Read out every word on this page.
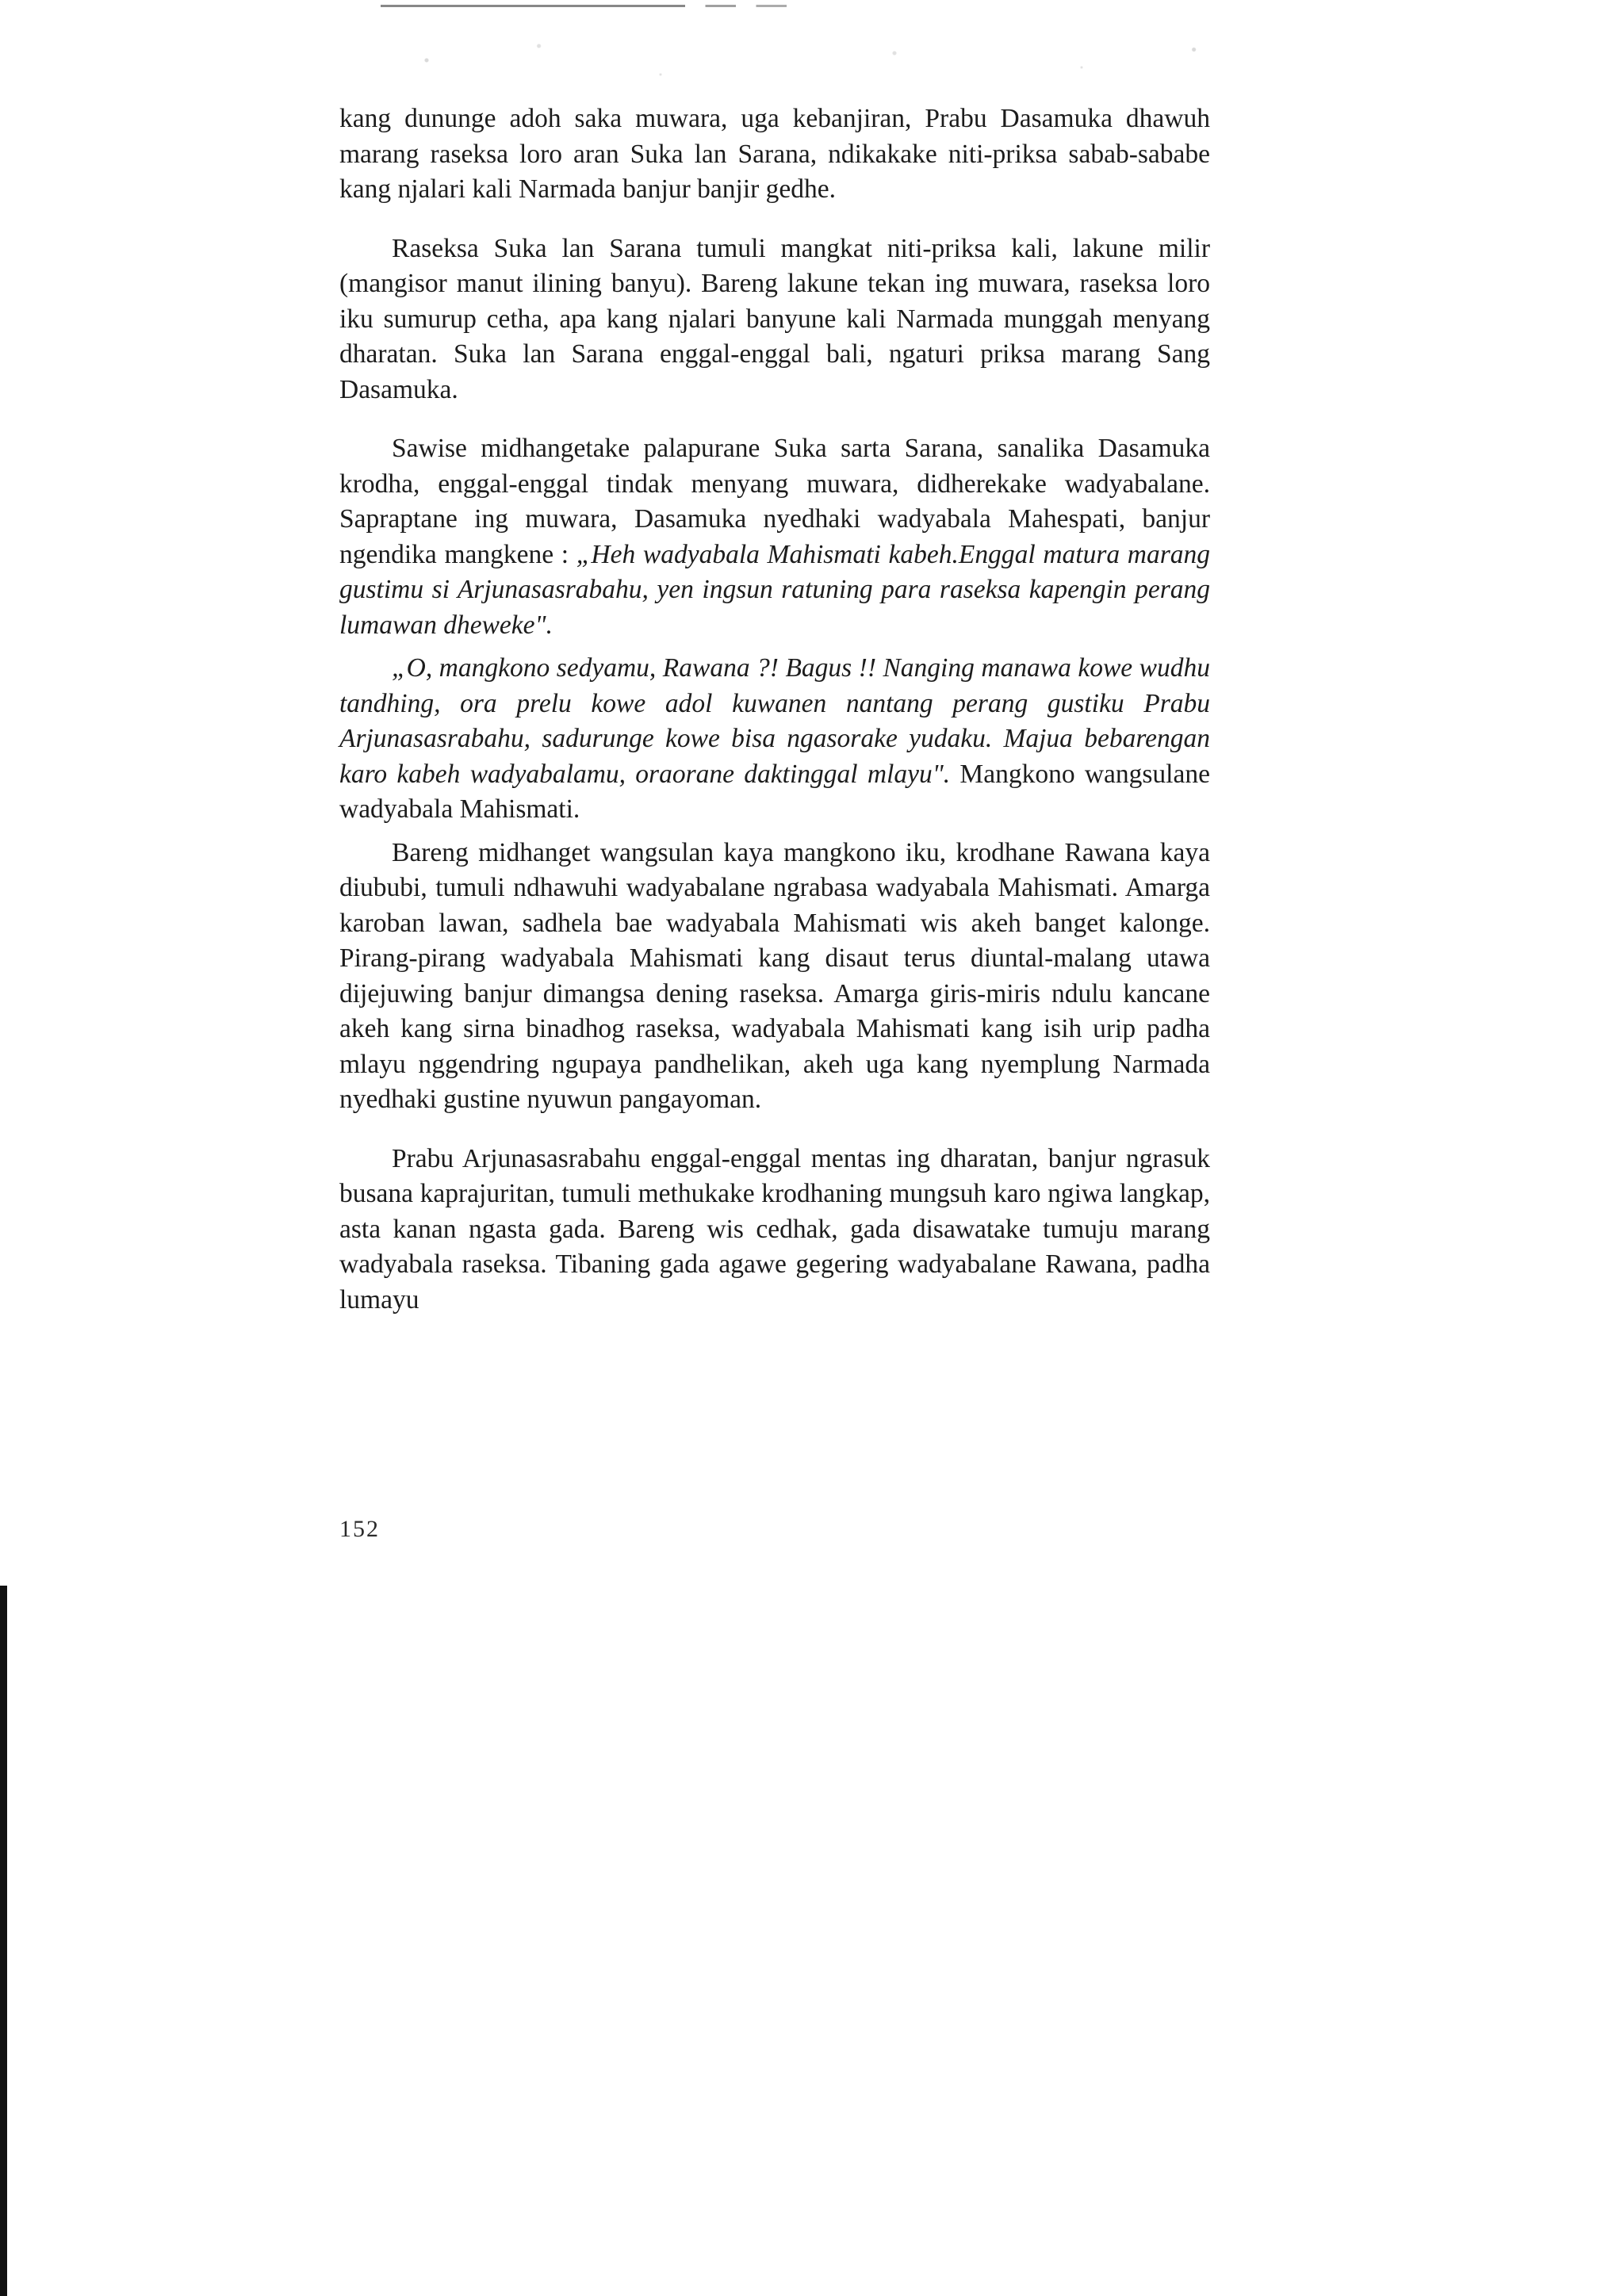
kang dununge adoh saka muwara, uga kebanjiran, Prabu Dasamuka dhawuh marang raseksa loro aran Suka lan Sarana, ndikakake niti-priksa sabab-sababe kang njalari kali Narmada banjur banjir gedhe.

Raseksa Suka lan Sarana tumuli mangkat niti-priksa kali, lakune milir (mangisor manut ilining banyu). Bareng lakune tekan ing muwara, raseksa loro iku sumurup cetha, apa kang njalari banyune kali Narmada munggah menyang dharatan. Suka lan Sarana enggal-enggal bali, ngaturi priksa marang Sang Dasamuka.

Sawise midhangetake palapurane Suka sarta Sarana, sanalika Dasamuka krodha, enggal-enggal tindak menyang muwara, didherekake wadyabalane. Sapraptane ing muwara, Dasamuka nyedhaki wadyabala Mahespati, banjur ngendika mangkene : „Heh wadyabala Mahismati kabeh.Enggal matura marang gustimu si Arjunasasrabahu, yen ingsun ratuning para raseksa kapengin perang lumawan dheweke".

„O, mangkono sedyamu, Rawana ?! Bagus !! Nanging manawa kowe wudhu tandhing, ora prelu kowe adol kuwanen nantang perang gustiku Prabu Arjunasasrabahu, sadurunge kowe bisa ngasorake yudaku. Majua bebarengan karo kabeh wadyabalamu, oraorane daktinggal mlayu". Mangkono wangsulane wadyabala Mahismati.

Bareng midhanget wangsulan kaya mangkono iku, krodhane Rawana kaya diububi, tumuli ndhawuhi wadyabalane ngrabasa wadyabala Mahismati. Amarga karoban lawan, sadhela bae wadyabala Mahismati wis akeh banget kalonge. Pirang-pirang wadyabala Mahismati kang disaut terus diuntal-malang utawa dijejuwing banjur dimangsa dening raseksa. Amarga giris-miris ndulu kancane akeh kang sirna binadhog raseksa, wadyabala Mahismati kang isih urip padha mlayu nggendring ngupaya pandhelikan, akeh uga kang nyemplung Narmada nyedhaki gustine nyuwun pangayoman.

Prabu Arjunasasrabahu enggal-enggal mentas ing dharatan, banjur ngrasuk busana kaprajuritan, tumuli methukake krodhaning mungsuh karo ngiwa langkap, asta kanan ngasta gada. Bareng wis cedhak, gada disawatake tumuju marang wadyabala raseksa. Tibaning gada agawe gegering wadyabalane Rawana, padha lumayu

152
